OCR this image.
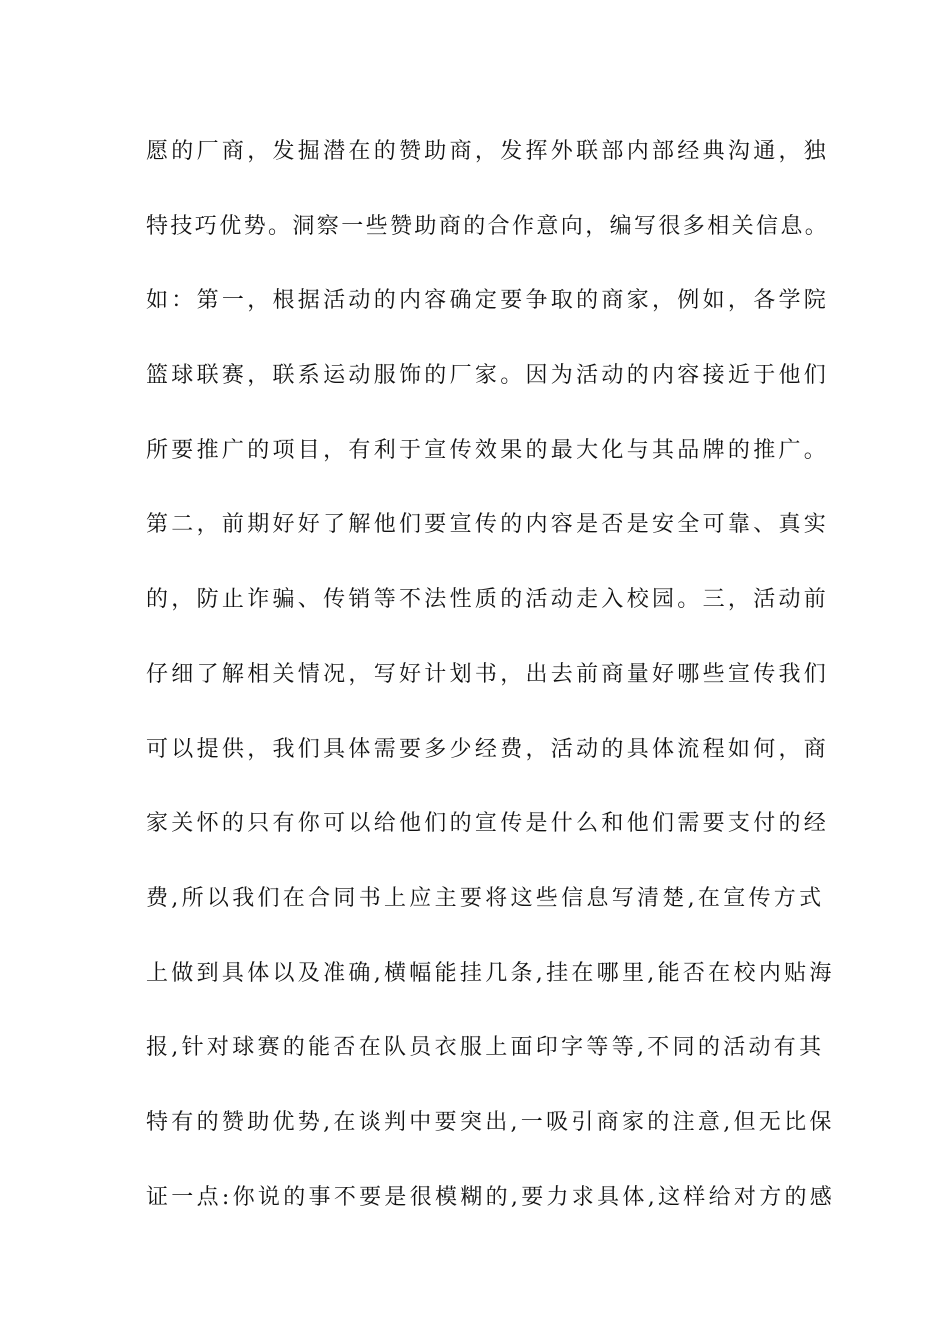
愿的厂商，发掘潜在的赞助商，发挥外联部内部经典沟通，独
特技巧优势。洞察一些赞助商的合作意向，编写很多相关信息。
如：第一，根据活动的内容确定要争取的商家，例如，各学院
篮球联赛，联系运动服饰的厂家。因为活动的内容接近于他们
所要推广的项目，有利于宣传效果的最大化与其品牌的推广。
第二，前期好好了解他们要宣传的内容是否是安全可靠、真实
的，防止诈骗、传销等不法性质的活动走入校园。三，活动前
仔细了解相关情况，写好计划书，出去前商量好哪些宣传我们
可以提供，我们具体需要多少经费，活动的具体流程如何，商
家关怀的只有你可以给他们的宣传是什么和他们需要支付的经
费,所以我们在合同书上应主要将这些信息写清楚,在宣传方式
上做到具体以及准确,横幅能挂几条,挂在哪里,能否在校内贴海
报,针对球赛的能否在队员衣服上面印字等等,不同的活动有其
特有的赞助优势,在谈判中要突出,一吸引商家的注意,但无比保
证一点:你说的事不要是很模糊的,要力求具体,这样给对方的感
